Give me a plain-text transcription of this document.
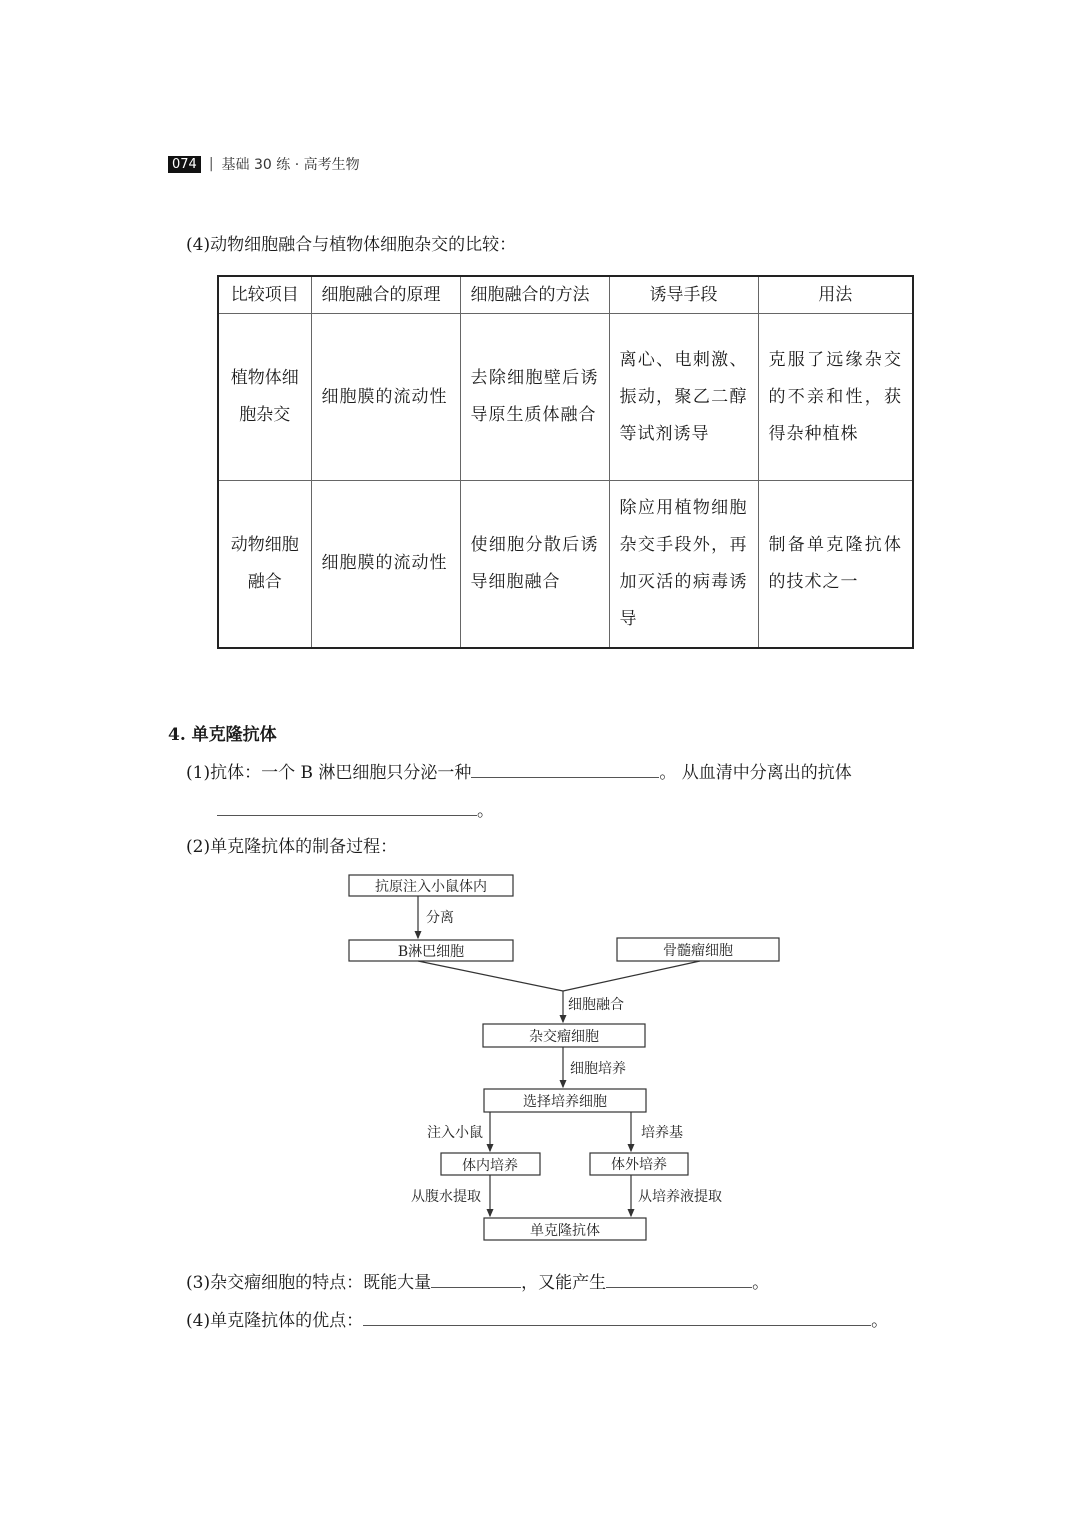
074 | 基础 30 练 · 高考生物
(4)动物细胞融合与植物体细胞杂交的比较：
比较项目	细胞融合的原理	细胞融合的方法	诱导手段	用法
植物体细胞杂交	细胞膜的流动性	去除细胞壁后诱导原生质体融合	离心、电刺激、振动，聚乙二醇等试剂诱导	克服了远缘杂交的不亲和性，获得杂种植株
动物细胞融合	细胞膜的流动性	使细胞分散后诱导细胞融合	除应用植物细胞杂交手段外，再加灭活的病毒诱导	制备单克隆抗体的技术之一
4. 单克隆抗体
(1)抗体：一个 B 淋巴细胞只分泌一种	。 从血清中分离出的抗体
。
(2)单克隆抗体的制备过程：
抗原注入小鼠体内
分离
B淋巴细胞	骨髓瘤细胞
细胞融合
杂交瘤细胞
细胞培养
选择培养细胞
注入小鼠	培养基
体内培养	体外培养
从腹水提取	从培养液提取
单克隆抗体
(3)杂交瘤细胞的特点：既能大量	，又能产生	。
(4)单克隆抗体的优点：	。
